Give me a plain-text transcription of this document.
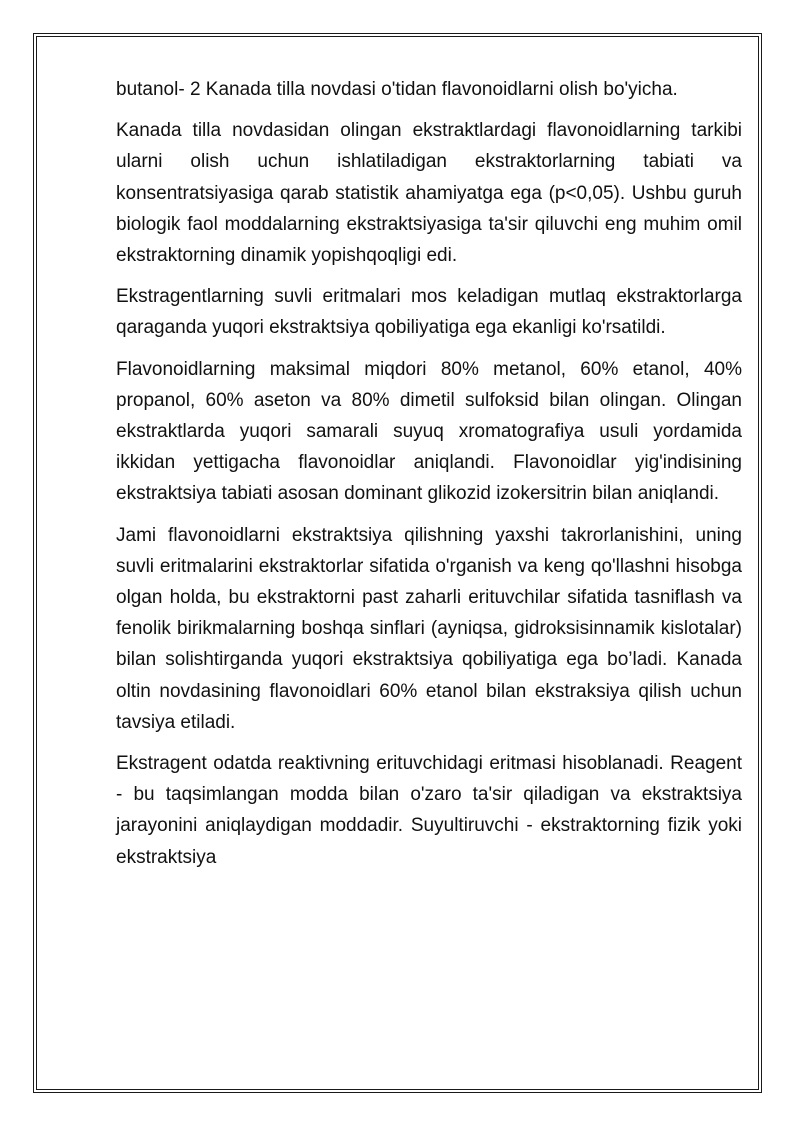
butanol- 2 Kanada tilla novdasi o'tidan flavonoidlarni olish bo'yicha.

Kanada tilla novdasidan olingan ekstraktlardagi flavonoidlarning tarkibi ularni olish uchun ishlatiladigan ekstraktorlarning tabiati va konsentratsiyasiga qarab statistik ahamiyatga ega (p<0,05). Ushbu guruh biologik faol moddalarning ekstraktsiyasiga ta'sir qiluvchi eng muhim omil ekstraktorning dinamik yopishqoqligi edi.

Ekstragentlarning suvli eritmalari mos keladigan mutlaq ekstraktorlarga qaraganda yuqori ekstraktsiya qobiliyatiga ega ekanligi ko'rsatildi.

Flavonoidlarning maksimal miqdori 80% metanol, 60% etanol, 40% propanol, 60% aseton va 80% dimetil sulfoksid bilan olingan. Olingan ekstraktlarda yuqori samarali suyuq xromatografiya usuli yordamida ikkidan yettigacha flavonoidlar aniqlandi. Flavonoidlar yig'indisining ekstraktsiya tabiati asosan dominant glikozid izokersitrin bilan aniqlandi.

Jami flavonoidlarni ekstraktsiya qilishning yaxshi takrorlanishini, uning suvli eritmalarini ekstraktorlar sifatida o'rganish va keng qo'llashni hisobga olgan holda, bu ekstraktorni past zaharli erituvchilar sifatida tasniflash va fenolik birikmalarning boshqa sinflari (ayniqsa, gidroksisinnamik kislotalar) bilan solishtirganda yuqori ekstraktsiya qobiliyatiga ega bo’ladi. Kanada oltin novdasining flavonoidlari 60% etanol bilan ekstraksiya qilish uchun tavsiya etiladi.

Ekstragent odatda reaktivning erituvchidagi eritmasi hisoblanadi. Reagent - bu taqsimlangan modda bilan o'zaro ta'sir qiladigan va ekstraktsiya jarayonini aniqlaydigan moddadir. Suyultiruvchi - ekstraktorning fizik yoki ekstraktsiya
